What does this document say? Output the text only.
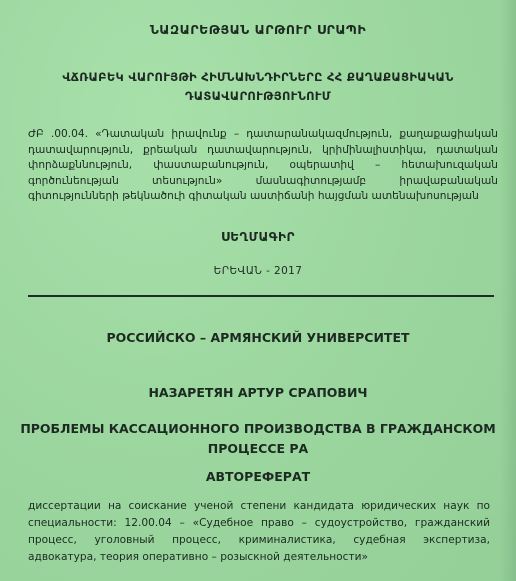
ՆԱԶԱՐԵԹՅԱՆ ԱՐԹՈՒՐ ՍՐԱՊԻ
ՎՃՌԱԲԵԿ ՎԱՐՈՒՅԹԻ ՀԻՄՆԱԽՆԴԻՐՆԵՐԸ ՀՀ ՔԱՂԱՔԱՑԻԱԿԱՆ
ԴԱՏԱՎԱՐՈՒԹՅՈՒՆՈՒՄ
ԺԲ .00.04. «Դատական իրավունք – դատարանակազմություն, քաղաքացիական դատավարություն, քրեական դատավարություն, կրիմինալիստիկա, դատական փորձաքննություն, փաստաբանություն, օպերատիվ – հետախուզական գործունեության տեսություն» մասնագիտությամբ իրավաբանական գիտությունների թեկնածուի գիտական աստիճանի հայցման ատենախոսության
ՍԵՂՄԱԳԻՐ
ԵՐԵՎԱՆ - 2017
РОССИЙСКО – АРМЯНСКИЙ УНИВЕРСИТЕТ
НАЗАРЕТЯН АРТУР СРАПОВИЧ
ПРОБЛЕМЫ КАССАЦИОННОГО ПРОИЗВОДСТВА В ГРАЖДАНСКОМ
ПРОЦЕССЕ РА
АВТОРЕФЕРАТ
диссертации на соискание ученой степени кандидата юридических наук по специальности: 12.00.04 – «Судебное право – судоустройство, гражданский процесс, уголовный процесс, криминалистика, судебная экспертиза, адвокатура, теория оперативно – розыскной деятельности»
